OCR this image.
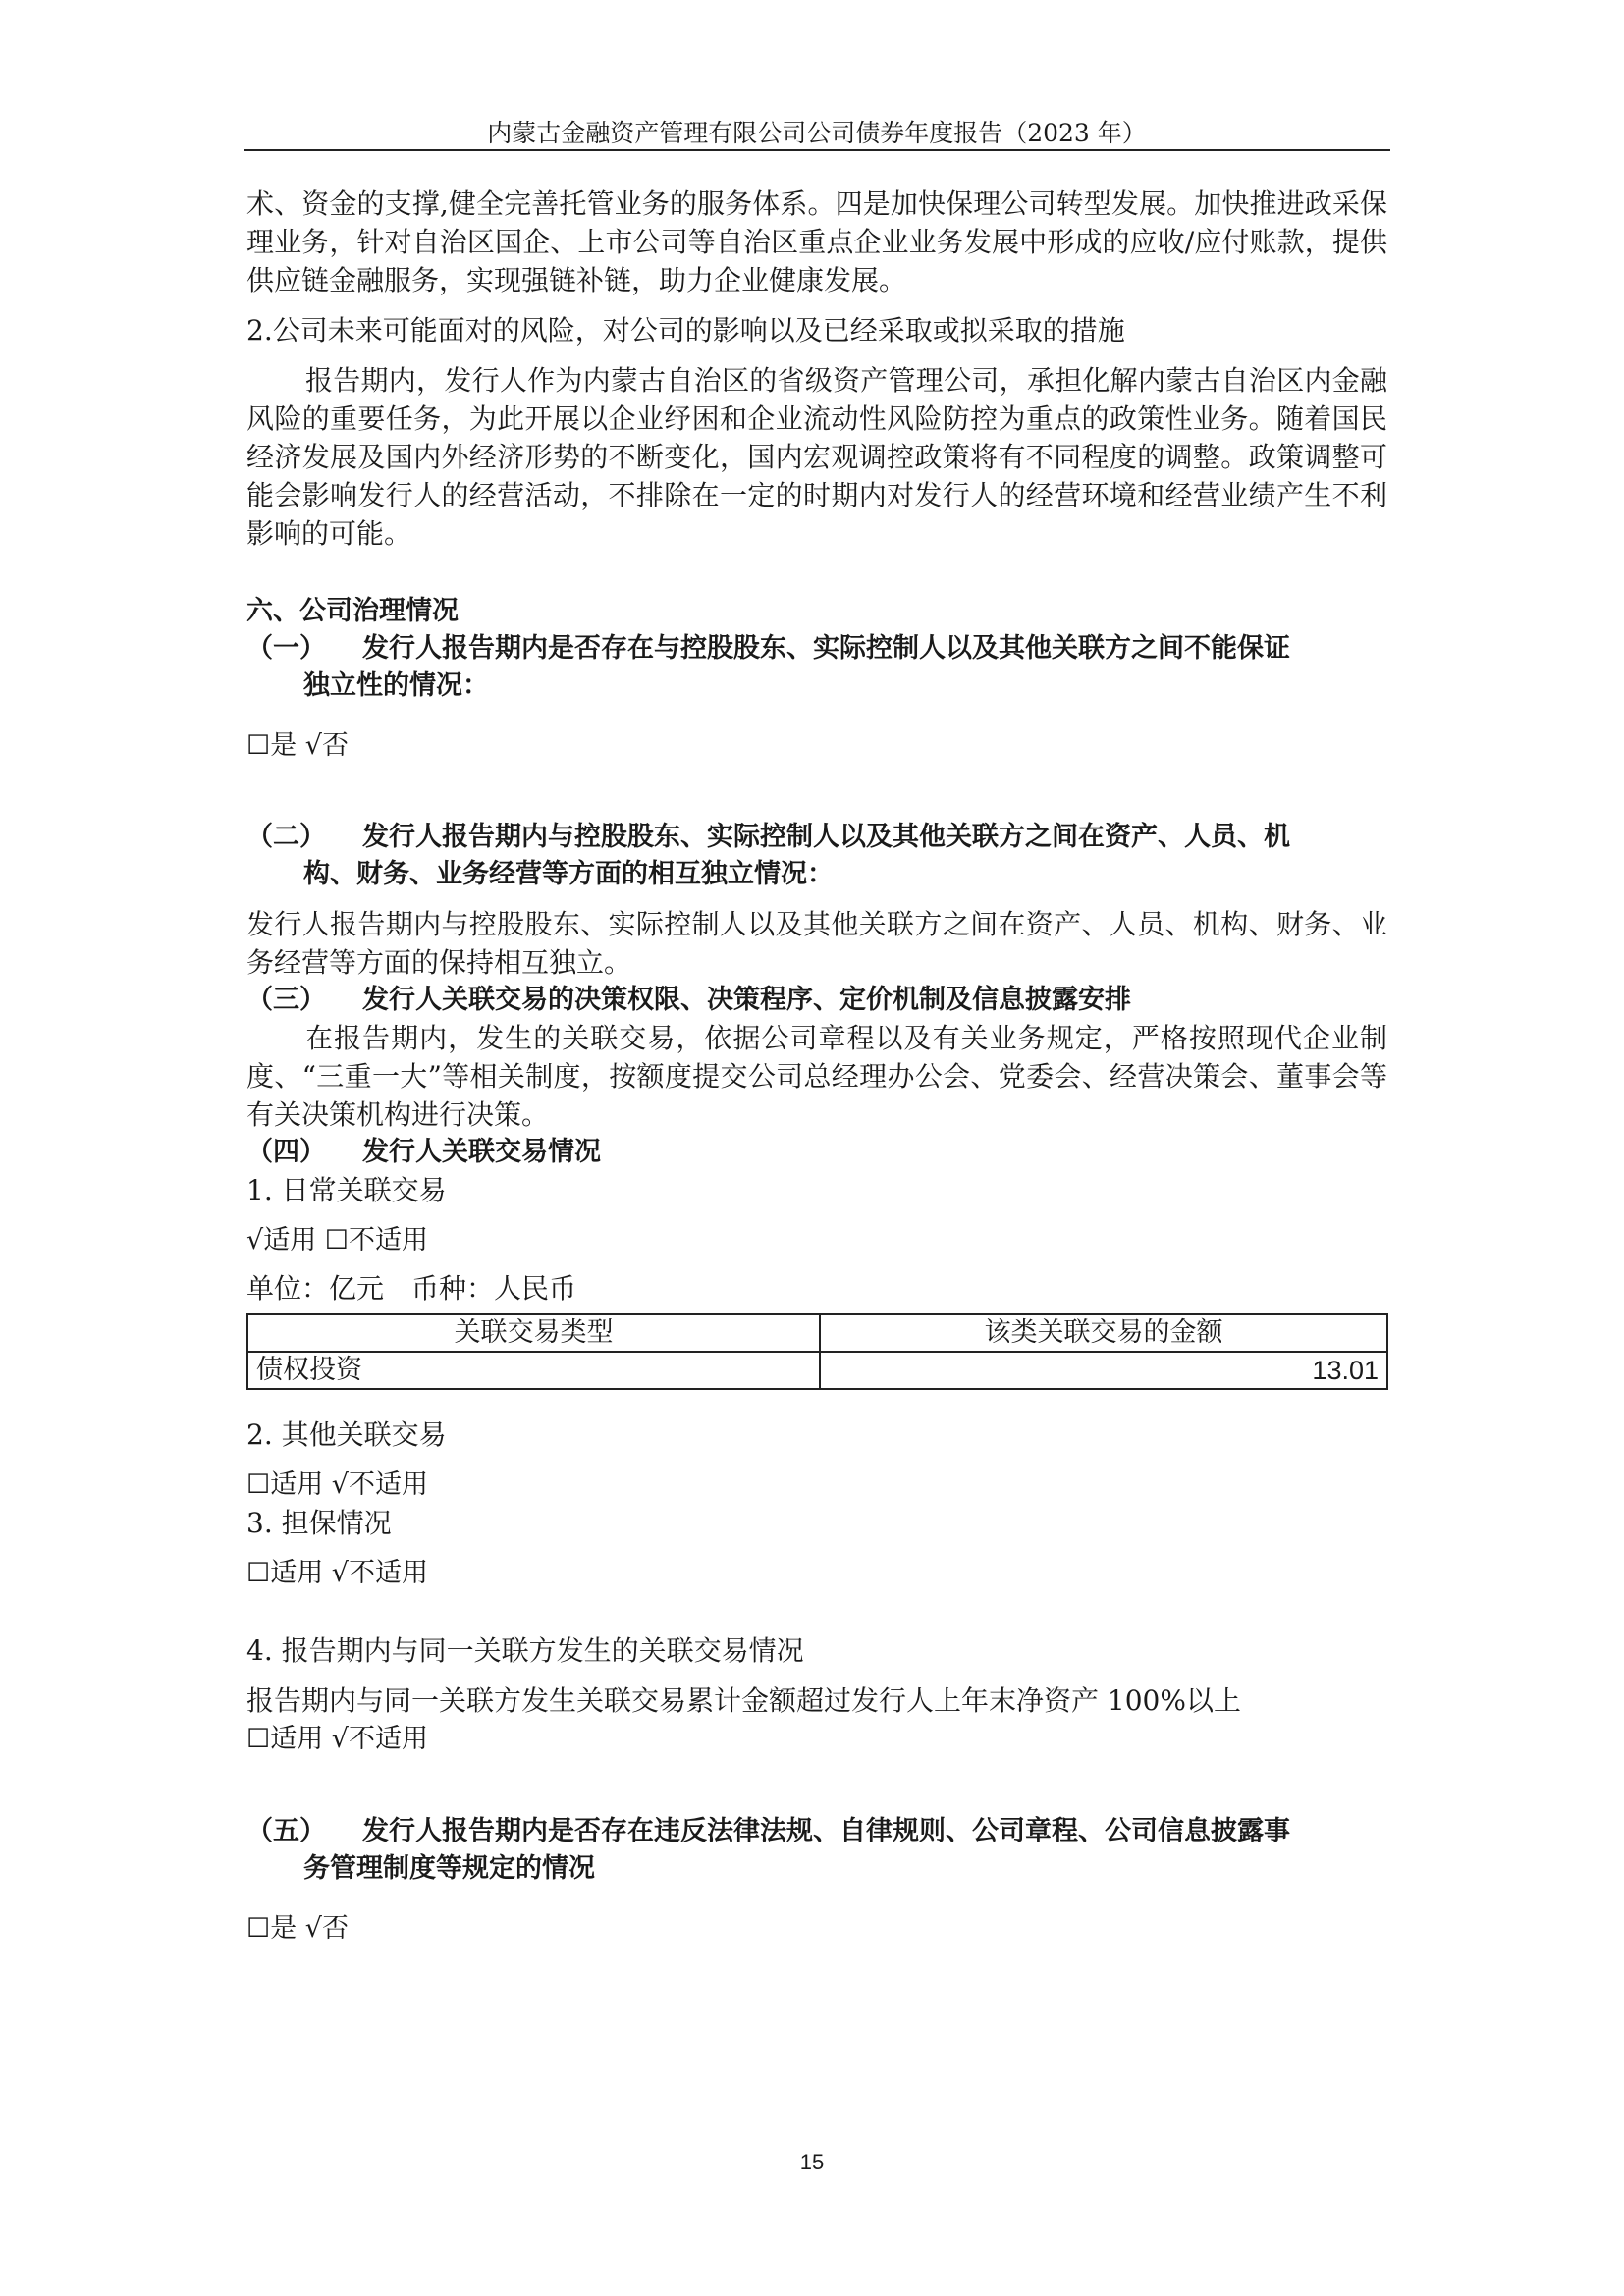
内蒙古金融资产管理有限公司公司债券年度报告（2023 年）

术、资金的支撑,健全完善托管业务的服务体系。四是加快保理公司转型发展。加快推进政采保理业务，针对自治区国企、上市公司等自治区重点企业业务发展中形成的应收/应付账款，提供供应链金融服务，实现强链补链，助力企业健康发展。

2.公司未来可能面对的风险，对公司的影响以及已经采取或拟采取的措施

报告期内，发行人作为内蒙古自治区的省级资产管理公司，承担化解内蒙古自治区内金融风险的重要任务，为此开展以企业纾困和企业流动性风险防控为重点的政策性业务。随着国民经济发展及国内外经济形势的不断变化，国内宏观调控政策将有不同程度的调整。政策调整可能会影响发行人的经营活动，不排除在一定的时期内对发行人的经营环境和经营业绩产生不利影响的可能。

六、公司治理情况

（一）	发行人报告期内是否存在与控股股东、实际控制人以及其他关联方之间不能保证
独立性的情况：

☐是 √否

（二）	发行人报告期内与控股股东、实际控制人以及其他关联方之间在资产、人员、机
构、财务、业务经营等方面的相互独立情况：

发行人报告期内与控股股东、实际控制人以及其他关联方之间在资产、人员、机构、财务、业务经营等方面的保持相互独立。

（三）	发行人关联交易的决策权限、决策程序、定价机制及信息披露安排

在报告期内，发生的关联交易，依据公司章程以及有关业务规定，严格按照现代企业制度、“三重一大”等相关制度，按额度提交公司总经理办公会、党委会、经营决策会、董事会等有关决策机构进行决策。

（四）	发行人关联交易情况

1. 日常关联交易

√适用 ☐不适用

单位：亿元　币种：人民币

关联交易类型	该类关联交易的金额
债权投资	13.01

2. 其他关联交易

☐适用 √不适用

3. 担保情况

☐适用 √不适用

4. 报告期内与同一关联方发生的关联交易情况

报告期内与同一关联方发生关联交易累计金额超过发行人上年末净资产 100%以上

☐适用 √不适用

（五）	发行人报告期内是否存在违反法律法规、自律规则、公司章程、公司信息披露事
务管理制度等规定的情况

☐是 √否

15
